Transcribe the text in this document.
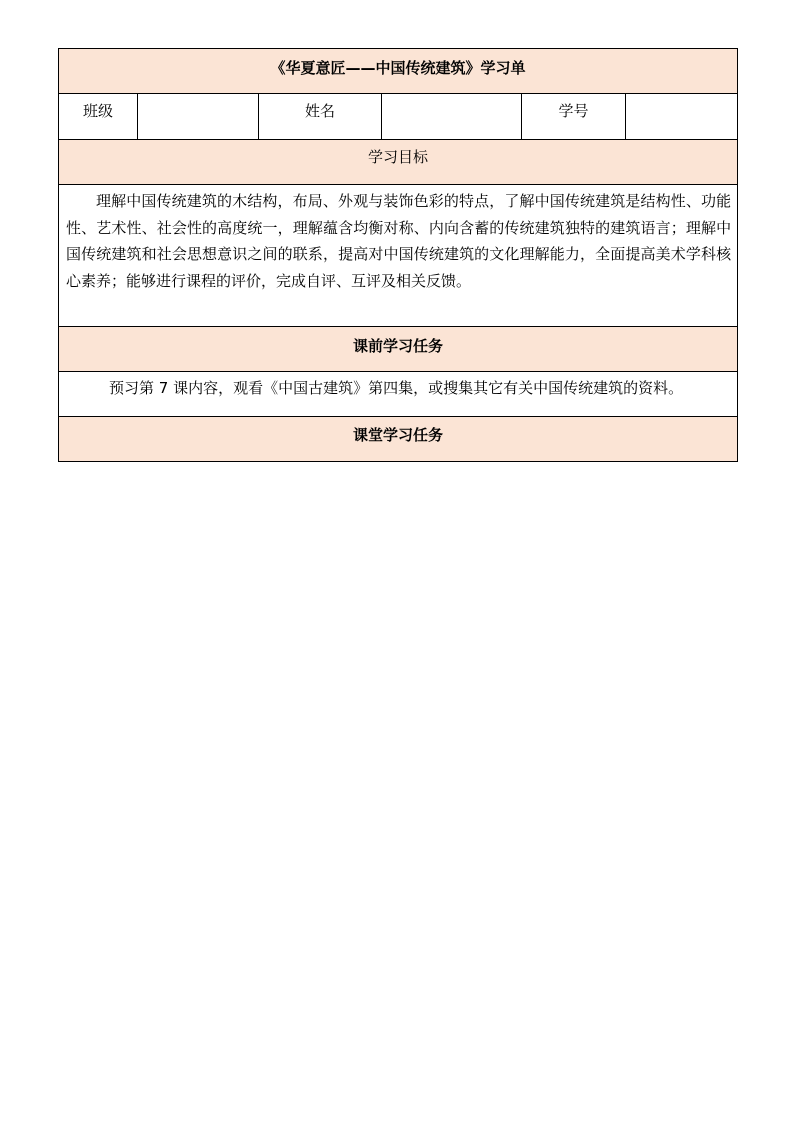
《华夏意匠——中国传统建筑》学习单
班级		姓名		学号	
学习目标

理解中国传统建筑的木结构，布局、外观与装饰色彩的特点，了解中国传统建筑是结构性、功能性、艺术性、社会性的高度统一，理解蕴含均衡对称、内向含蓄的传统建筑独特的建筑语言；理解中国传统建筑和社会思想意识之间的联系，提高对中国传统建筑的文化理解能力，全面提高美术学科核心素养；能够进行课程的评价，完成自评、互评及相关反馈。

课前学习任务

预习第 7 课内容，观看《中国古建筑》第四集，或搜集其它有关中国传统建筑的资料。

课堂学习任务
